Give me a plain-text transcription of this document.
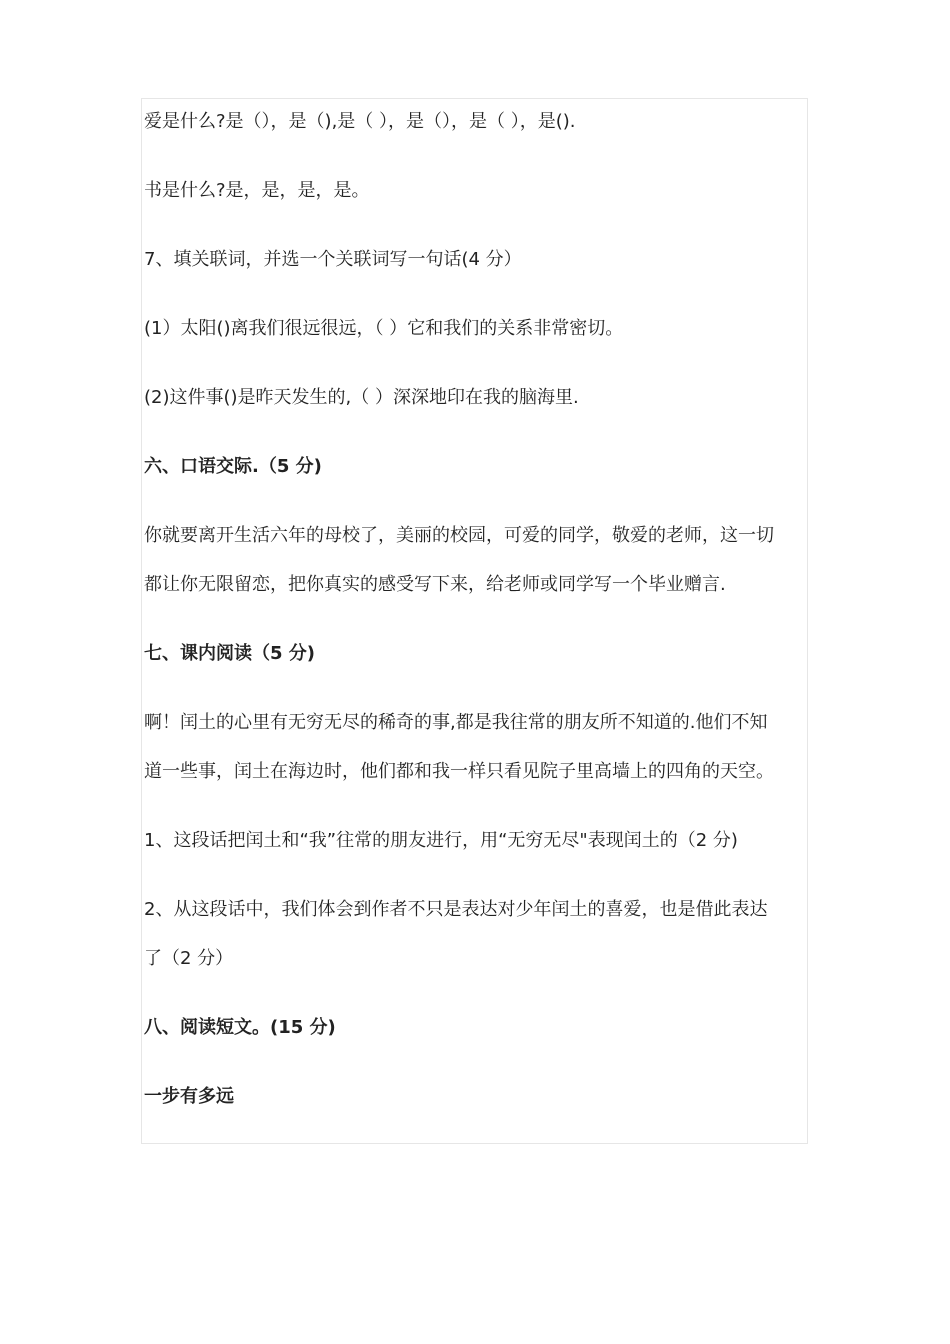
爱是什么?是（），是（),是（ ），是（），是（ ），是().
书是什么?是，是，是，是。
7、填关联词，并选一个关联词写一句话(4 分）
(1）太阳()离我们很远很远，（ ）它和我们的关系非常密切。
(2)这件事()是昨天发生的,（ ）深深地印在我的脑海里.
六、口语交际.（5 分)
你就要离开生活六年的母校了，美丽的校园，可爱的同学，敬爱的老师，这一切
都让你无限留恋，把你真实的感受写下来，给老师或同学写一个毕业赠言.
七、课内阅读（5 分)
啊！闰土的心里有无穷无尽的稀奇的事,都是我往常的朋友所不知道的.他们不知
道一些事，闰土在海边时，他们都和我一样只看见院子里高墙上的四角的天空。
1、这段话把闰土和“我”往常的朋友进行，用“无穷无尽"表现闰土的（2 分)
2、从这段话中，我们体会到作者不只是表达对少年闰土的喜爱，也是借此表达
了（2 分）
八、阅读短文。(15 分)
一步有多远
